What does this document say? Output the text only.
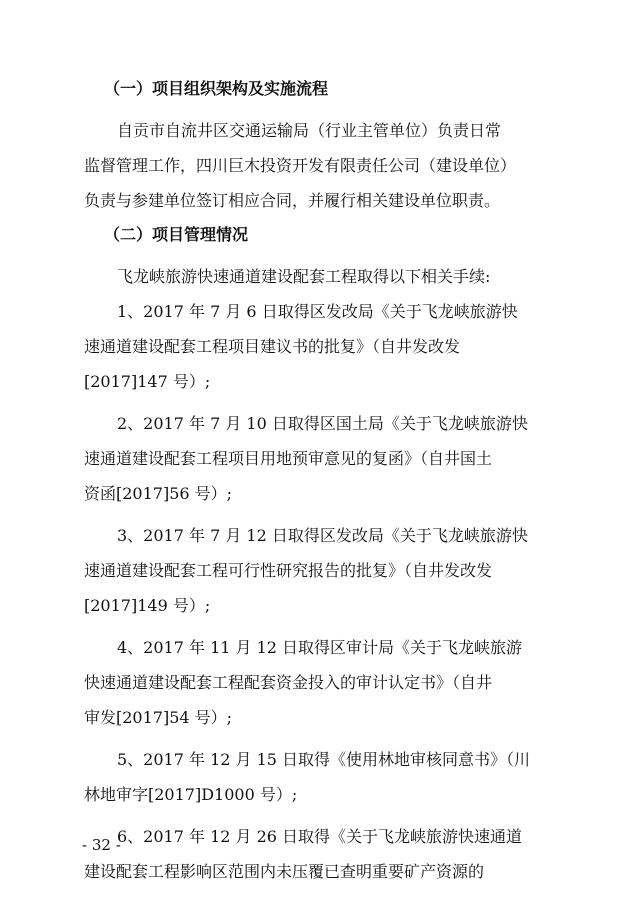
（一）项目组织架构及实施流程
自贡市自流井区交通运输局（行业主管单位）负责日常
监督管理工作，四川巨木投资开发有限责任公司（建设单位）
负责与参建单位签订相应合同，并履行相关建设单位职责。
（二）项目管理情况
飞龙峡旅游快速通道建设配套工程取得以下相关手续:
1、2017 年 7 月 6 日取得区发改局《关于飞龙峡旅游快
速通道建设配套工程项目建议书的批复》（自井发改发
[2017]147 号）;
2、2017 年 7 月 10 日取得区国土局《关于飞龙峡旅游快
速通道建设配套工程项目用地预审意见的复函》（自井国土
资函[2017]56 号）;
3、2017 年 7 月 12 日取得区发改局《关于飞龙峡旅游快
速通道建设配套工程可行性研究报告的批复》（自井发改发
[2017]149 号）;
4、2017 年 11 月 12 日取得区审计局《关于飞龙峡旅游
快速通道建设配套工程配套资金投入的审计认定书》（自井
审发[2017]54 号）;
5、2017 年 12 月 15 日取得《使用林地审核同意书》（川
林地审字[2017]D1000 号）;
6、2017 年 12 月 26 日取得《关于飞龙峡旅游快速通道
建设配套工程影响区范围内未压覆已查明重要矿产资源的
- 32 -
